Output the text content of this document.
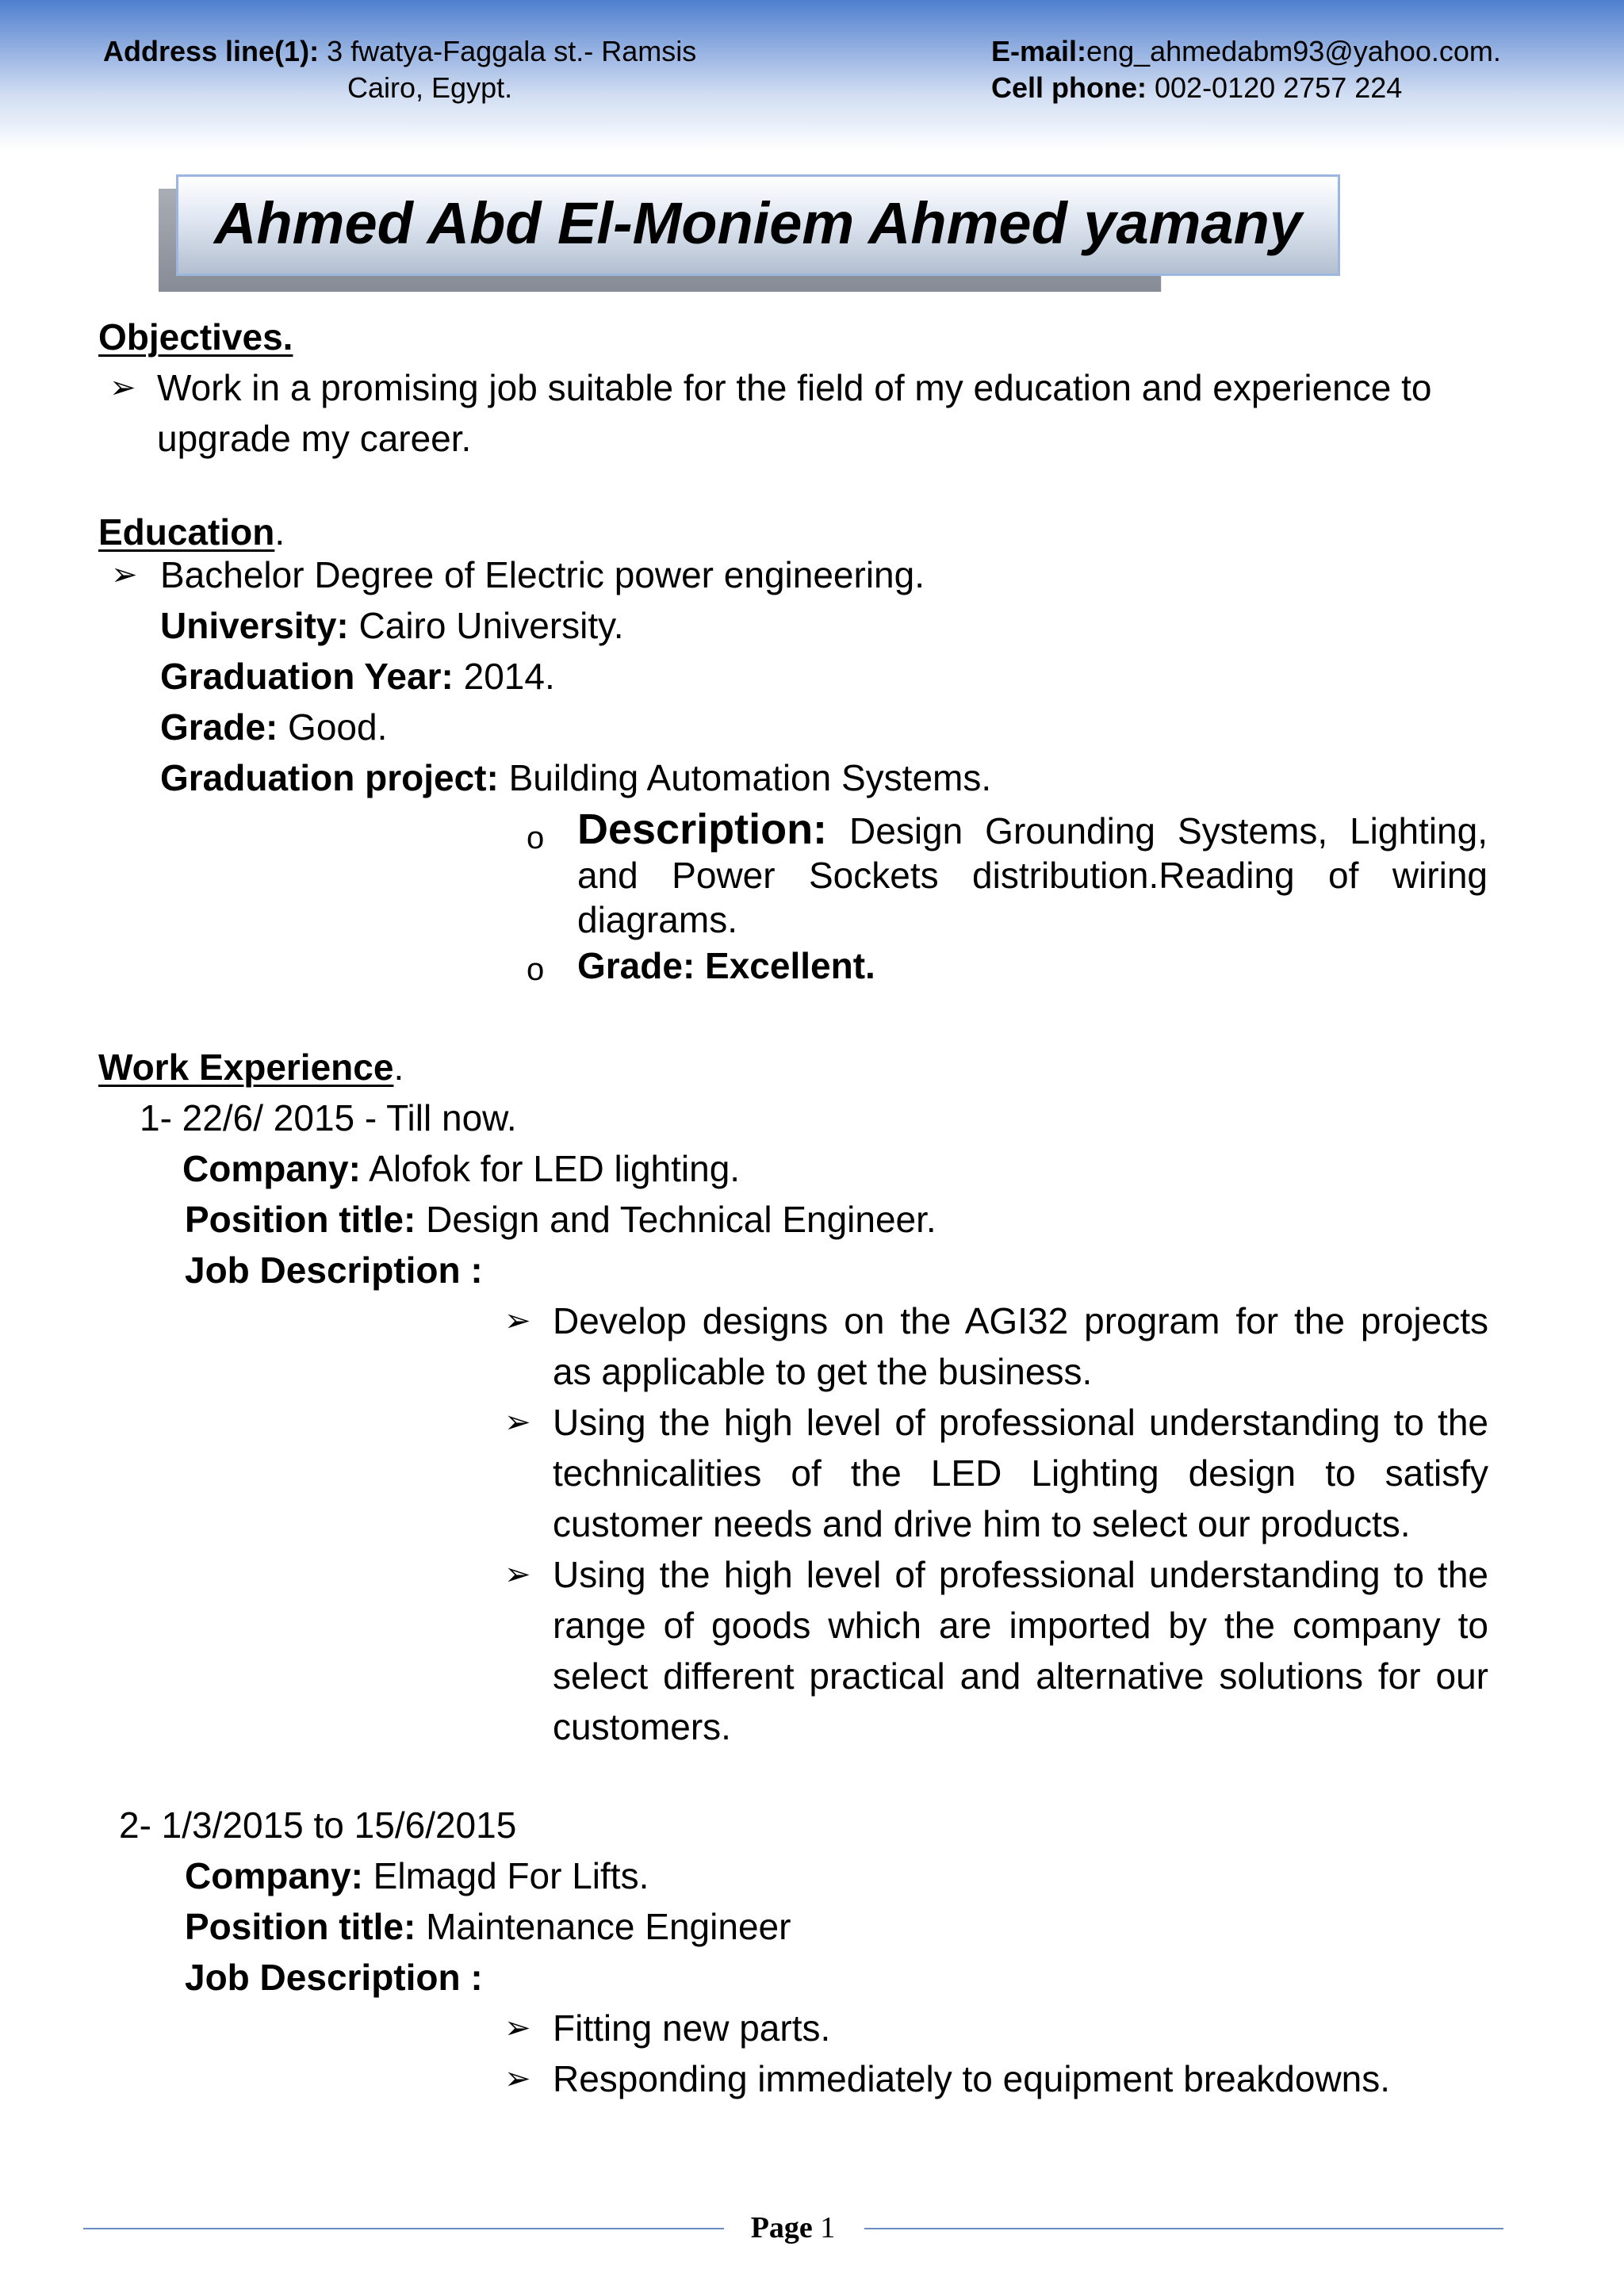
Address line(1): 3 fwatya-Faggala st.- Ramsis
Cairo, Egypt.
E-mail:eng_ahmedabm93@yahoo.com.
Cell phone: 002-0120 2757 224
Ahmed Abd El-Moniem Ahmed yamany
Objectives.
➢ Work in a promising job suitable for the field of my education and experience to
upgrade my career.
Education.
➢ Bachelor Degree of Electric power engineering.
University: Cairo University.
Graduation Year: 2014.
Grade: Good.
Graduation project: Building Automation Systems.
o Description: Design Grounding Systems, Lighting, and Power Sockets distribution.Reading of wiring diagrams.
o Grade: Excellent.
Work Experience.
1- 22/6/ 2015 - Till now.
Company: Alofok for LED lighting.
Position title: Design and Technical Engineer.
Job Description :
➢ Develop designs on the AGI32 program for the projects as applicable to get the business.
➢ Using the high level of professional understanding to the technicalities of the LED Lighting design to satisfy customer needs and drive him to select our products.
➢ Using the high level of professional understanding to the range of goods which are imported by the company to select different practical and alternative solutions for our customers.
2- 1/3/2015 to 15/6/2015
Company: Elmagd For Lifts.
Position title: Maintenance Engineer
Job Description :
➢ Fitting new parts.
➢ Responding immediately to equipment breakdowns.
Page 1
